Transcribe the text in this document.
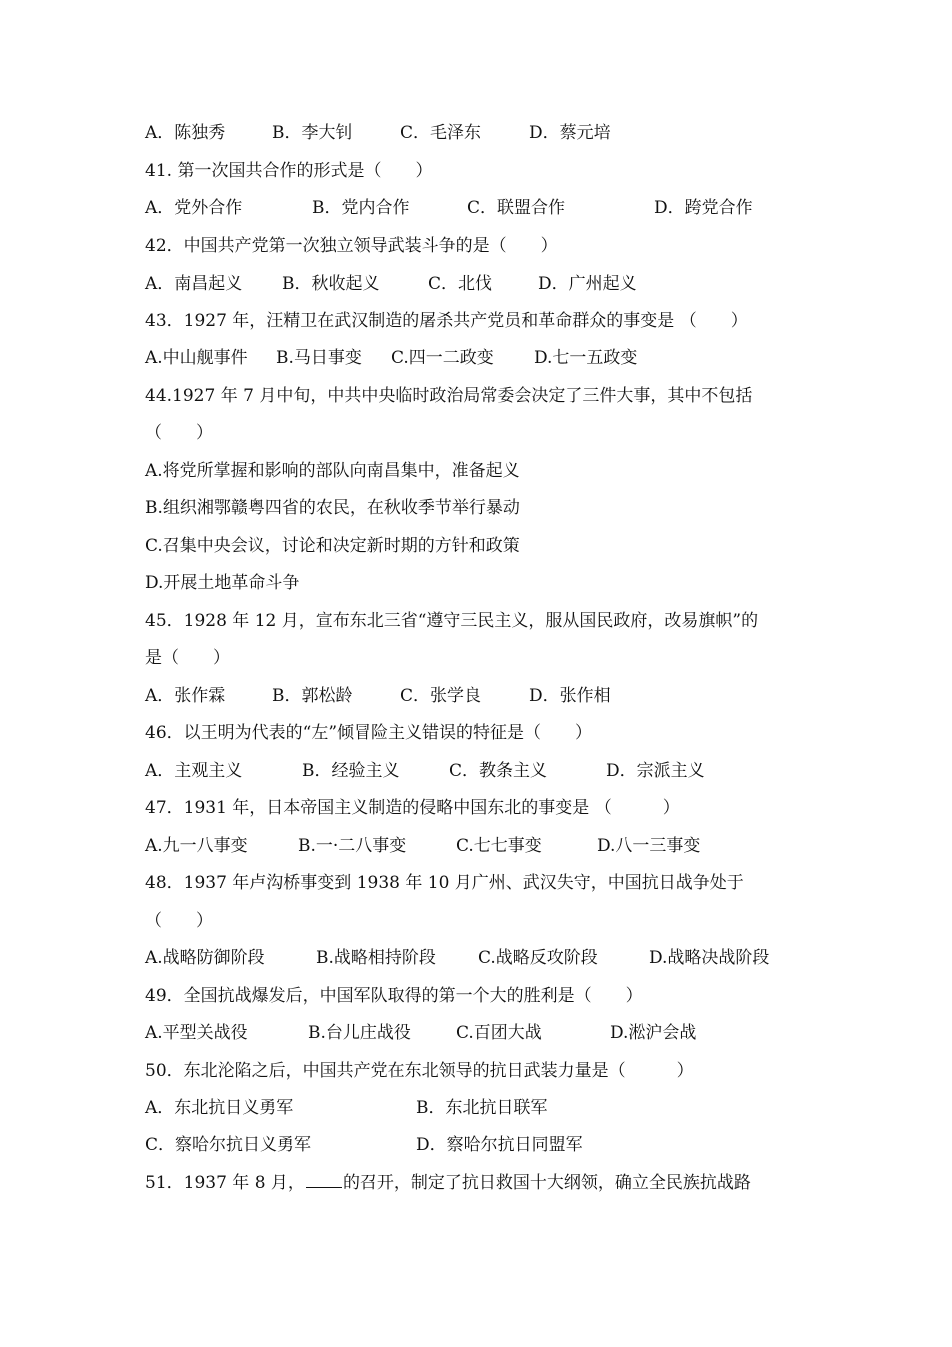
A．陈独秀

	B．李大钊

	C．毛泽东

	D．蔡元培

41. 第一次国共合作的形式是（　　）

A．党外合作

	B．党内合作

	C．联盟合作

	D．跨党合作

42．中国共产党第一次独立领导武装斗争的是（　　）

A．南昌起义

B．秋收起义

	C．北伐

	D．广州起义

43．1927 年，汪精卫在武汉制造的屠杀共产党员和革命群众的事变是 （　　）

A.中山舰事件

B.马日事变

C.四一二政变

D.七一五政变

44.1927 年 7 月中旬，中共中央临时政治局常委会决定了三件大事，其中不包括
（　　）
A.将党所掌握和影响的部队向南昌集中，准备起义
B.组织湘鄂赣粤四省的农民，在秋收季节举行暴动
C.召集中央会议，讨论和决定新时期的方针和政策
D.开展土地革命斗争
45．1928 年 12 月，宣布东北三省“遵守三民主义，服从国民政府，改易旗帜”的
是（　　）

A．张作霖

	B．郭松龄

	C．张学良

	D．张作相

46．以王明为代表的“左”倾冒险主义错误的特征是（　　）

A．主观主义

	B．经验主义

	C．教条主义

	D．宗派主义

47．1931 年，日本帝国主义制造的侵略中国东北的事变是 （　　　）

A.九一八事变

	B.一·二八事变

	C.七七事变

	D.八一三事变

48．1937 年卢沟桥事变到 1938 年 10 月广州、武汉失守，中国抗日战争处于
（　　）

A.战略防御阶段

	B.战略相持阶段

C.战略反攻阶段

	D.战略决战阶段

49．全国抗战爆发后，中国军队取得的第一个大的胜利是（　　）

A.平型关战役

	B.台儿庄战役

	C.百团大战

	D.淞沪会战

50．东北沦陷之后，中国共产党在东北领导的抗日武装力量是（　　　）

A．东北抗日义勇军

	B．东北抗日联军

C．察哈尔抗日义勇军

	D．察哈尔抗日同盟军

51．1937 年 8 月， 的召开，制定了抗日救国十大纲领，确立全民族抗战路
